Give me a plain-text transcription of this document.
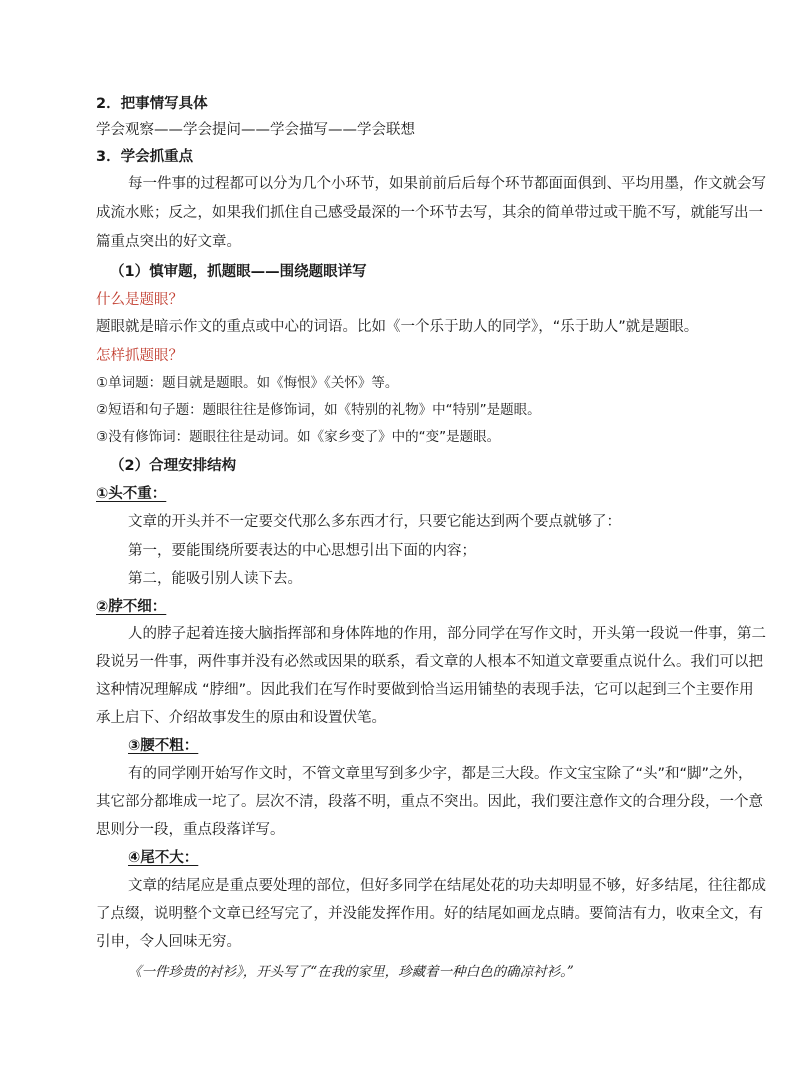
2．把事情写具体
学会观察——学会提问——学会描写——学会联想
3．学会抓重点
每一件事的过程都可以分为几个小环节，如果前前后后每个环节都面面俱到、平均用墨，作文就会写
成流水账；反之，如果我们抓住自己感受最深的一个环节去写，其余的简单带过或干脆不写，就能写出一
篇重点突出的好文章。
（1）慎审题，抓题眼——围绕题眼详写
什么是题眼？
题眼就是暗示作文的重点或中心的词语。比如《一个乐于助人的同学》，“乐于助人”就是题眼。
怎样抓题眼？
①单词题：题目就是题眼。如《悔恨》《关怀》等。
②短语和句子题：题眼往往是修饰词，如《特别的礼物》中“特别”是题眼。
③没有修饰词：题眼往往是动词。如《家乡变了》中的“变”是题眼。
（2）合理安排结构
①头不重：
文章的开头并不一定要交代那么多东西才行，只要它能达到两个要点就够了：
第一，要能围绕所要表达的中心思想引出下面的内容；
第二，能吸引别人读下去。
②脖不细：
人的脖子起着连接大脑指挥部和身体阵地的作用，部分同学在写作文时，开头第一段说一件事，第二
段说另一件事，两件事并没有必然或因果的联系，看文章的人根本不知道文章要重点说什么。我们可以把
这种情况理解成 “脖细”。因此我们在写作时要做到恰当运用铺垫的表现手法，它可以起到三个主要作用
承上启下、介绍故事发生的原由和设置伏笔。
③腰不粗：
有的同学刚开始写作文时，不管文章里写到多少字，都是三大段。作文宝宝除了“头”和“脚”之外，
其它部分都堆成一坨了。层次不清，段落不明，重点不突出。因此，我们要注意作文的合理分段，一个意
思则分一段，重点段落详写。
④尾不大：
文章的结尾应是重点要处理的部位，但好多同学在结尾处花的功夫却明显不够，好多结尾，往往都成
了点缀，说明整个文章已经写完了，并没能发挥作用。好的结尾如画龙点睛。要简洁有力，收束全文，有
引申，令人回味无穷。
《一件珍贵的衬衫》，开头写了“在我的家里，珍藏着一种白色的确凉衬衫。”
